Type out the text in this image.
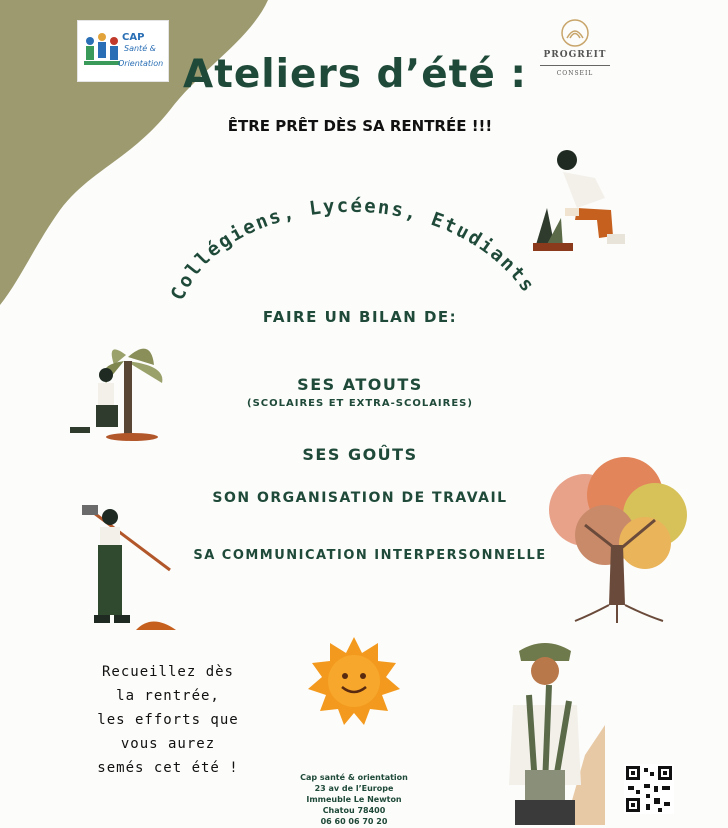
CAP
Santé &
Orientation
PROGREIT
CONSEIL
Ateliers d’été :
ÊTRE PRÊT DÈS SA RENTRÉE !!!
Collégiens, Lycéens, Etudiants
FAIRE UN BILAN DE:
SES ATOUTS
(SCOLAIRES ET EXTRA-SCOLAIRES)
SES GOÛTS
SON ORGANISATION DE TRAVAIL
SA COMMUNICATION INTERPERSONNELLE
Recueillez dès
la rentrée,
les efforts que
vous aurez
semés cet été !
Cap santé & orientation
23 av de l’Europe
Immeuble Le Newton
Chatou 78400
06 60 06 70 20
